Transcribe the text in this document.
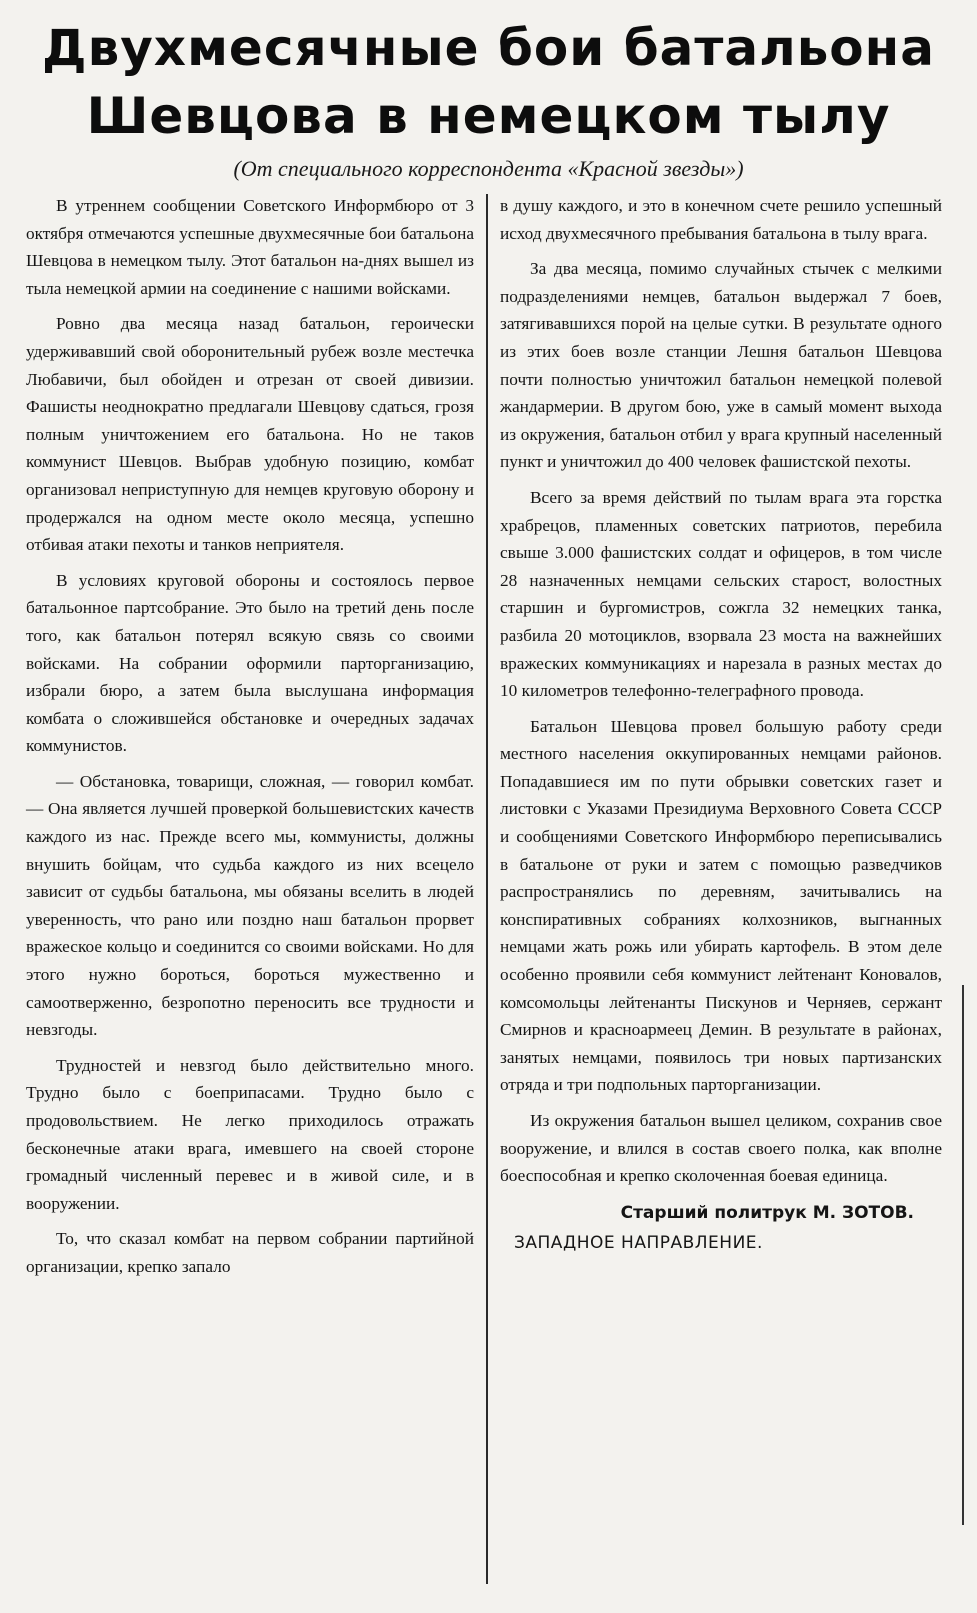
Двухмесячные бои батальона
Шевцова в немецком тылу
(От специального корреспондента «Красной звезды»)

В утреннем сообщении Советского Информбюро от 3 октября отмечаются успешные двухмесячные бои батальона Шевцова в немецком тылу. Этот батальон на-днях вышел из тыла немецкой армии на соединение с нашими войсками.

Ровно два месяца назад батальон, героически удерживавший свой оборонительный рубеж возле местечка Любавичи, был обойден и отрезан от своей дивизии. Фашисты неоднократно предлагали Шевцову сдаться, грозя полным уничтожением его батальона. Но не таков коммунист Шевцов. Выбрав удобную позицию, комбат организовал неприступную для немцев круговую оборону и продержался на одном месте около месяца, успешно отбивая атаки пехоты и танков неприятеля.

В условиях круговой обороны и состоялось первое батальонное партсобрание. Это было на третий день после того, как батальон потерял всякую связь со своими войсками. На собрании оформили парторганизацию, избрали бюро, а затем была выслушана информация комбата о сложившейся обстановке и очередных задачах коммунистов.

— Обстановка, товарищи, сложная, — говорил комбат. — Она является лучшей проверкой большевистских качеств каждого из нас. Прежде всего мы, коммунисты, должны внушить бойцам, что судьба каждого из них всецело зависит от судьбы батальона, мы обязаны вселить в людей уверенность, что рано или поздно наш батальон прорвет вражеское кольцо и соединится со своими войсками. Но для этого нужно бороться, бороться мужественно и самоотверженно, безропотно переносить все трудности и невзгоды.

Трудностей и невзгод было действительно много. Трудно было с боеприпасами. Трудно было с продовольствием. Не легко приходилось отражать бесконечные атаки врага, имевшего на своей стороне громадный численный перевес и в живой силе, и в вооружении.

То, что сказал комбат на первом собрании партийной организации, крепко запало

в душу каждого, и это в конечном счете решило успешный исход двухмесячного пребывания батальона в тылу врага.

За два месяца, помимо случайных стычек с мелкими подразделениями немцев, батальон выдержал 7 боев, затягивавшихся порой на целые сутки. В результате одного из этих боев возле станции Лешня батальон Шевцова почти полностью уничтожил батальон немецкой полевой жандармерии. В другом бою, уже в самый момент выхода из окружения, батальон отбил у врага крупный населенный пункт и уничтожил до 400 человек фашистской пехоты.

Всего за время действий по тылам врага эта горстка храбрецов, пламенных советских патриотов, перебила свыше 3.000 фашистских солдат и офицеров, в том числе 28 назначенных немцами сельских старост, волостных старшин и бургомистров, сожгла 32 немецких танка, разбила 20 мотоциклов, взорвала 23 моста на важнейших вражеских коммуникациях и нарезала в разных местах до 10 километров телефонно-телеграфного провода.

Батальон Шевцова провел большую работу среди местного населения оккупированных немцами районов. Попадавшиеся им по пути обрывки советских газет и листовки с Указами Президиума Верховного Совета СССР и сообщениями Советского Информбюро переписывались в батальоне от руки и затем с помощью разведчиков распространялись по деревням, зачитывались на конспиративных собраниях колхозников, выгнанных немцами жать рожь или убирать картофель. В этом деле особенно проявили себя коммунист лейтенант Коновалов, комсомольцы лейтенанты Пискунов и Черняев, сержант Смирнов и красноармеец Демин. В результате в районах, занятых немцами, появилось три новых партизанских отряда и три подпольных парторганизации.

Из окружения батальон вышел целиком, сохранив свое вооружение, и влился в состав своего полка, как вполне боеспособная и крепко сколоченная боевая единица.

Старший политрук М. ЗОТОВ.
ЗАПАДНОЕ НАПРАВЛЕНИЕ.
